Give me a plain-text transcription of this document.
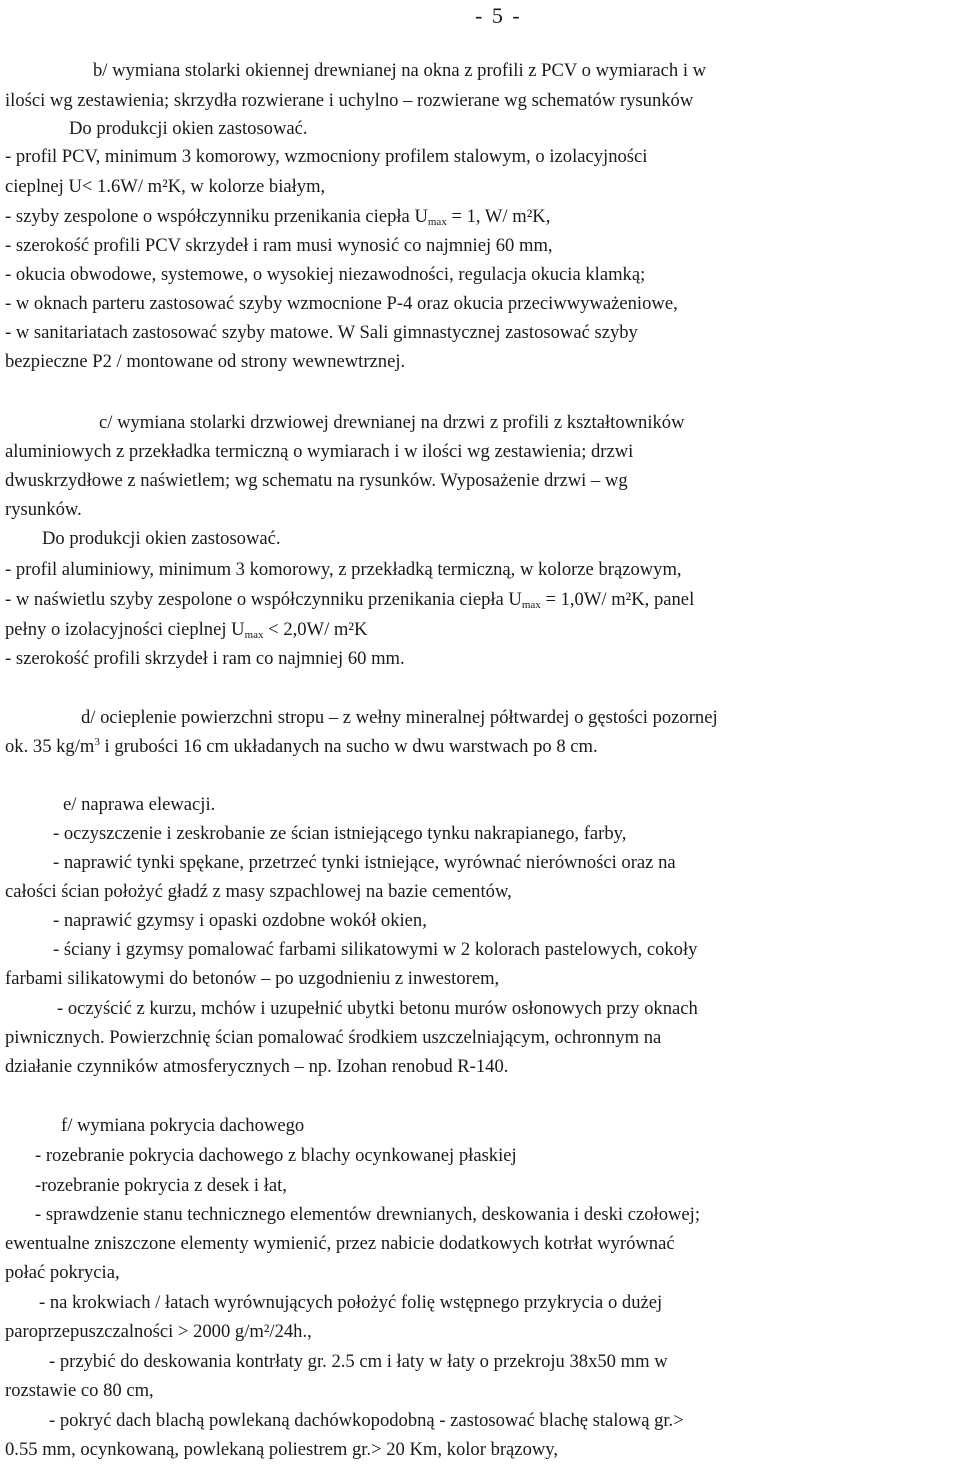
- 5 -
b/ wymiana stolarki okiennej drewnianej na okna z profili z PCV o wymiarach i w
ilości wg zestawienia; skrzydła rozwierane i uchylno – rozwierane wg schematów rysunków
Do produkcji okien zastosować.
- profil PCV, minimum 3 komorowy, wzmocniony profilem stalowym, o izolacyjności
cieplnej U< 1.6W/ m²K, w kolorze białym,
- szyby zespolone o współczynniku przenikania ciepła $U_{max} = 1$, W/ m²K,
- szerokość profili PCV skrzydeł i ram musi wynosić co najmniej 60 mm,
- okucia obwodowe, systemowe, o wysokiej niezawodności, regulacja okucia klamką;
- w oknach parteru zastosować szyby wzmocnione P-4 oraz okucia przeciwwyważeniowe,
- w sanitariatach zastosować szyby matowe. W Sali gimnastycznej zastosować szyby
bezpieczne P2 / montowane od strony wewnewtrznej.
c/ wymiana stolarki drzwiowej drewnianej na drzwi z profili z kształtowników
aluminiowych z przekładka termiczną o wymiarach i w ilości wg zestawienia; drzwi
dwuskrzydłowe z naświetlem; wg schematu na rysunków. Wyposażenie drzwi – wg
rysunków.
Do produkcji okien zastosować.
- profil aluminiowy, minimum 3 komorowy, z przekładką termiczną, w kolorze brązowym,
- w naświetlu szyby zespolone o współczynniku przenikania ciepła $U_{max} = 1,0W/$ m²K, panel
pełny o izolacyjności cieplnej $U_{max} < 2,0W/$ m²K
- szerokość profili skrzydeł i ram co najmniej 60 mm.
d/ ocieplenie powierzchni stropu – z wełny mineralnej półtwardej o gęstości pozornej
ok. 35 $kg/m^3$ i grubości 16 cm układanych na sucho w dwu warstwach po 8 cm.
e/ naprawa elewacji.
- oczyszczenie i zeskrobanie ze ścian istniejącego tynku nakrapianego, farby,
- naprawić tynki spękane, przetrzeć tynki istniejące, wyrównać nierówności oraz na
całości ścian położyć gładź z masy szpachlowej na bazie cementów,
- naprawić gzymsy i opaski ozdobne wokół okien,
- ściany i gzymsy pomalować farbami silikatowymi w 2 kolorach pastelowych, cokoły
farbami silikatowymi do betonów – po uzgodnieniu z inwestorem,
- oczyścić z kurzu, mchów i uzupełnić ubytki betonu murów osłonowych przy oknach
piwnicznych. Powierzchnię ścian pomalować środkiem uszczelniającym, ochronnym na
działanie czynników atmosferycznych – np. Izohan renobud R-140.
f/ wymiana pokrycia dachowego
- rozebranie pokrycia dachowego z blachy ocynkowanej płaskiej
-rozebranie pokrycia z desek i łat,
- sprawdzenie stanu technicznego elementów drewnianych, deskowania i deski czołowej;
ewentualne zniszczone elementy wymienić, przez nabicie dodatkowych kotrłat wyrównać
połać pokrycia,
- na krokwiach / łatach wyrównujących położyć folię wstępnego przykrycia o dużej
paroprzepuszczalności > 2000 g/m²/24h.,
- przybić do deskowania kontrłaty gr. 2.5 cm i łaty w łaty o przekroju 38x50 mm w
rozstawie co 80 cm,
- pokryć dach blachą powlekaną dachówkopodobną - zastosować blachę stalową gr.>
0.55 mm, ocynkowaną, powlekaną poliestrem gr.> 20 Km, kolor brązowy,
